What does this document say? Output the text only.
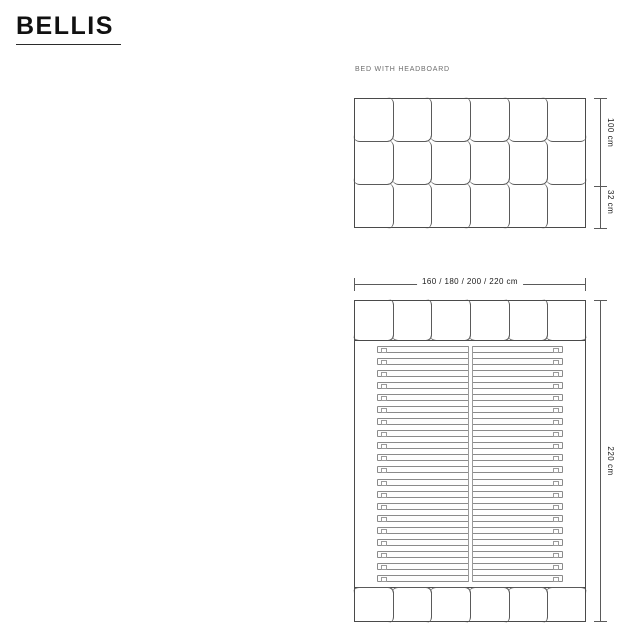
BELLIS
BED WITH HEADBOARD
100 cm
32 cm
160 / 180 / 200 / 220 cm
220 cm
